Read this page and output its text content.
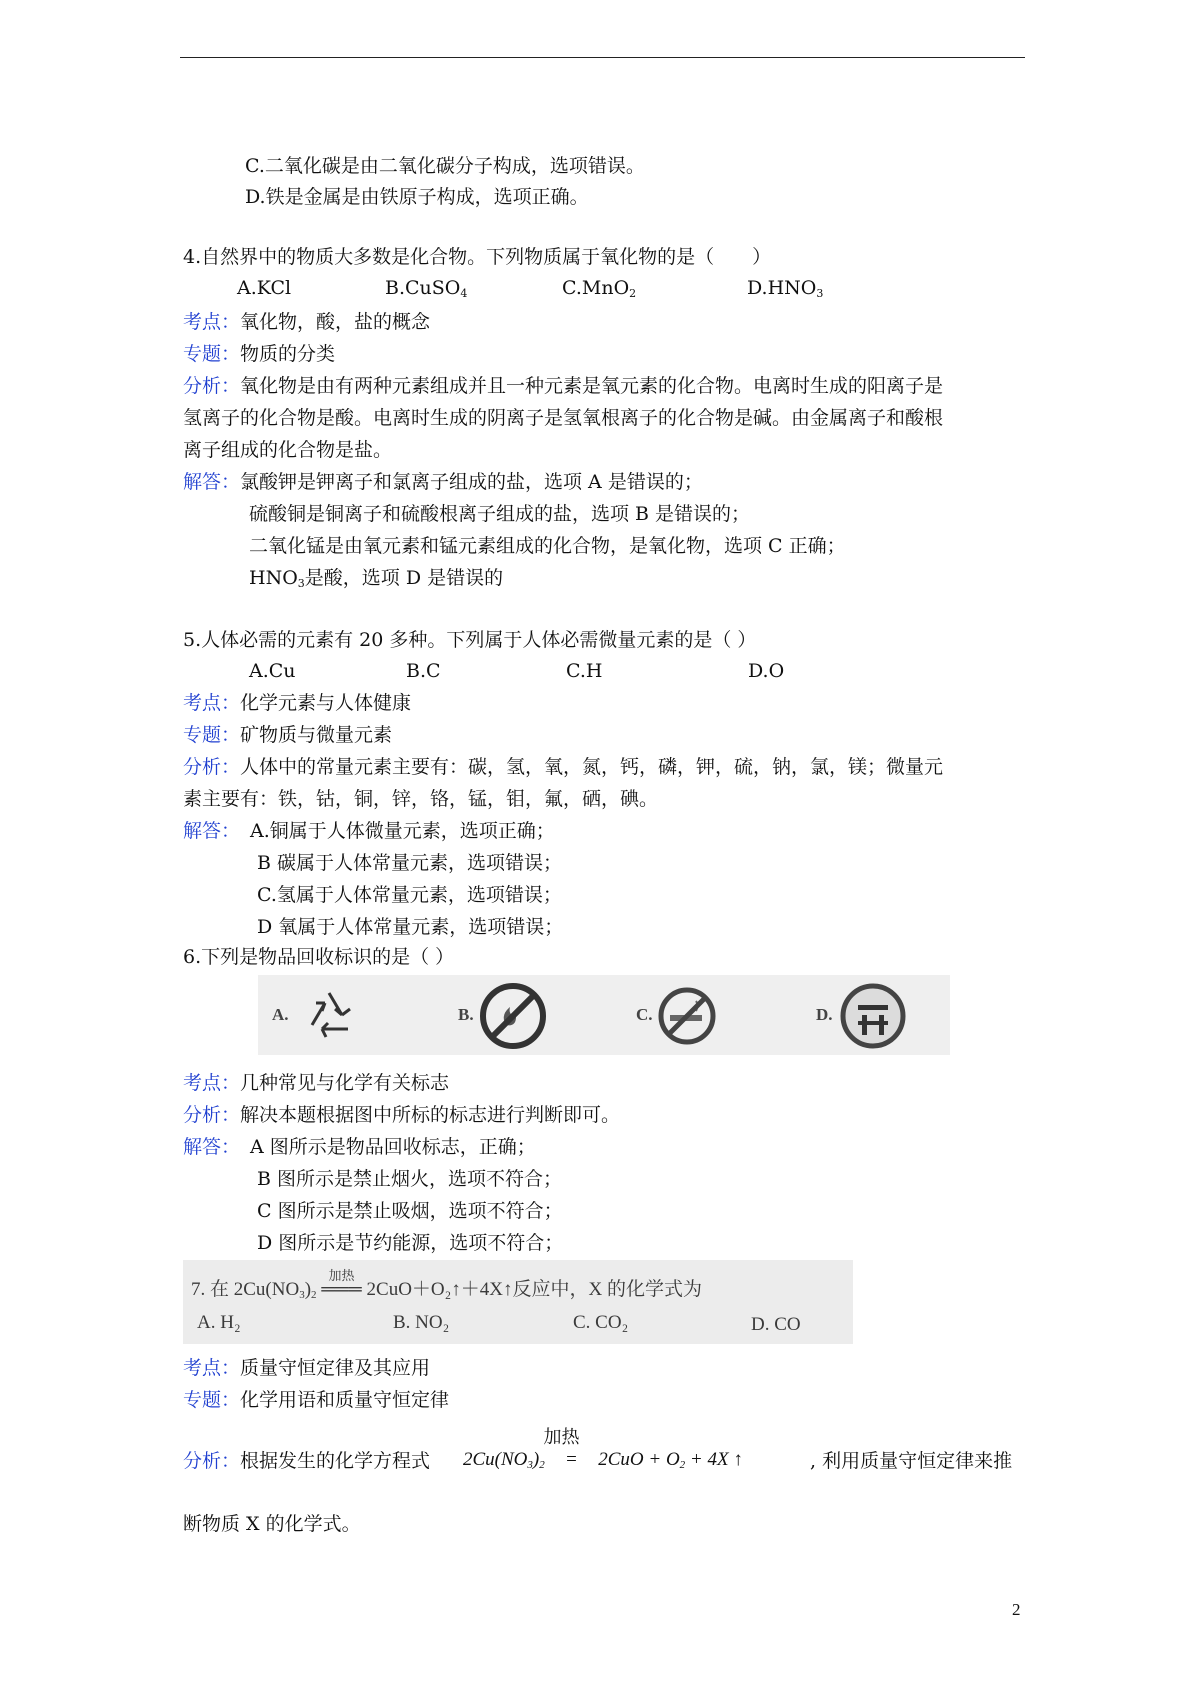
C.二氧化碳是由二氧化碳分子构成，选项错误。
D.铁是金属是由铁原子构成，选项正确。
4.自然界中的物质大多数是化合物。下列物质属于氧化物的是（　　）
A.KCl	B.CuSO$_4$	C.MnO$_2$	$D.HNO_3$
考点：氧化物，酸，盐的概念
专题：物质的分类
分析：氧化物是由有两种元素组成并且一种元素是氧元素的化合物。电离时生成的阳离子是
氢离子的化合物是酸。电离时生成的阴离子是氢氧根离子的化合物是碱。由金属离子和酸根
离子组成的化合物是盐。
解答：氯酸钾是钾离子和氯离子组成的盐，选项 A 是错误的；
硫酸铜是铜离子和硫酸根离子组成的盐，选项 B 是错误的；
二氧化锰是由氧元素和锰元素组成的化合物，是氧化物，选项 C 正确；
$HNO_3$是酸，选项 D 是错误的
5.人体必需的元素有 20 多种。下列属于人体必需微量元素的是（ ）
A.Cu	B.C	C.H	D.O
考点：化学元素与人体健康
专题：矿物质与微量元素
分析：人体中的常量元素主要有：碳，氢，氧，氮，钙，磷，钾，硫，钠，氯，镁；微量元
素主要有：铁，钴，铜，锌，铬，锰，钼，氟，硒，碘。
解答： A.铜属于人体微量元素，选项正确；
B 碳属于人体常量元素，选项错误；
C.氢属于人体常量元素，选项错误；
D 氧属于人体常量元素，选项错误；
6.下列是物品回收标识的是（ ）
A.	B.	C.	D.
考点：几种常见与化学有关标志
分析：解决本题根据图中所标的标志进行判断即可。
解答： A 图所示是物品回收标志，正确；
B 图所示是禁止烟火，选项不符合；
C 图所示是禁止吸烟，选项不符合；
D 图所示是节约能源，选项不符合；
7. 在 $2Cu(NO_3)_2$
加热
═══ 2CuO＋O₂↑＋4X↑反应中，X 的化学式为
A. H₂	B. NO₂	C. CO₂	D. CO
考点：质量守恒定律及其应用
专题：化学用语和质量守恒定律
分析：根据发生的化学方程式 $2Cu(NO_3)_2$
加热
= $2CuO + O_2 + 4X$ ↑	, 利用质量守恒定律来推
断物质 X 的化学式。
2
